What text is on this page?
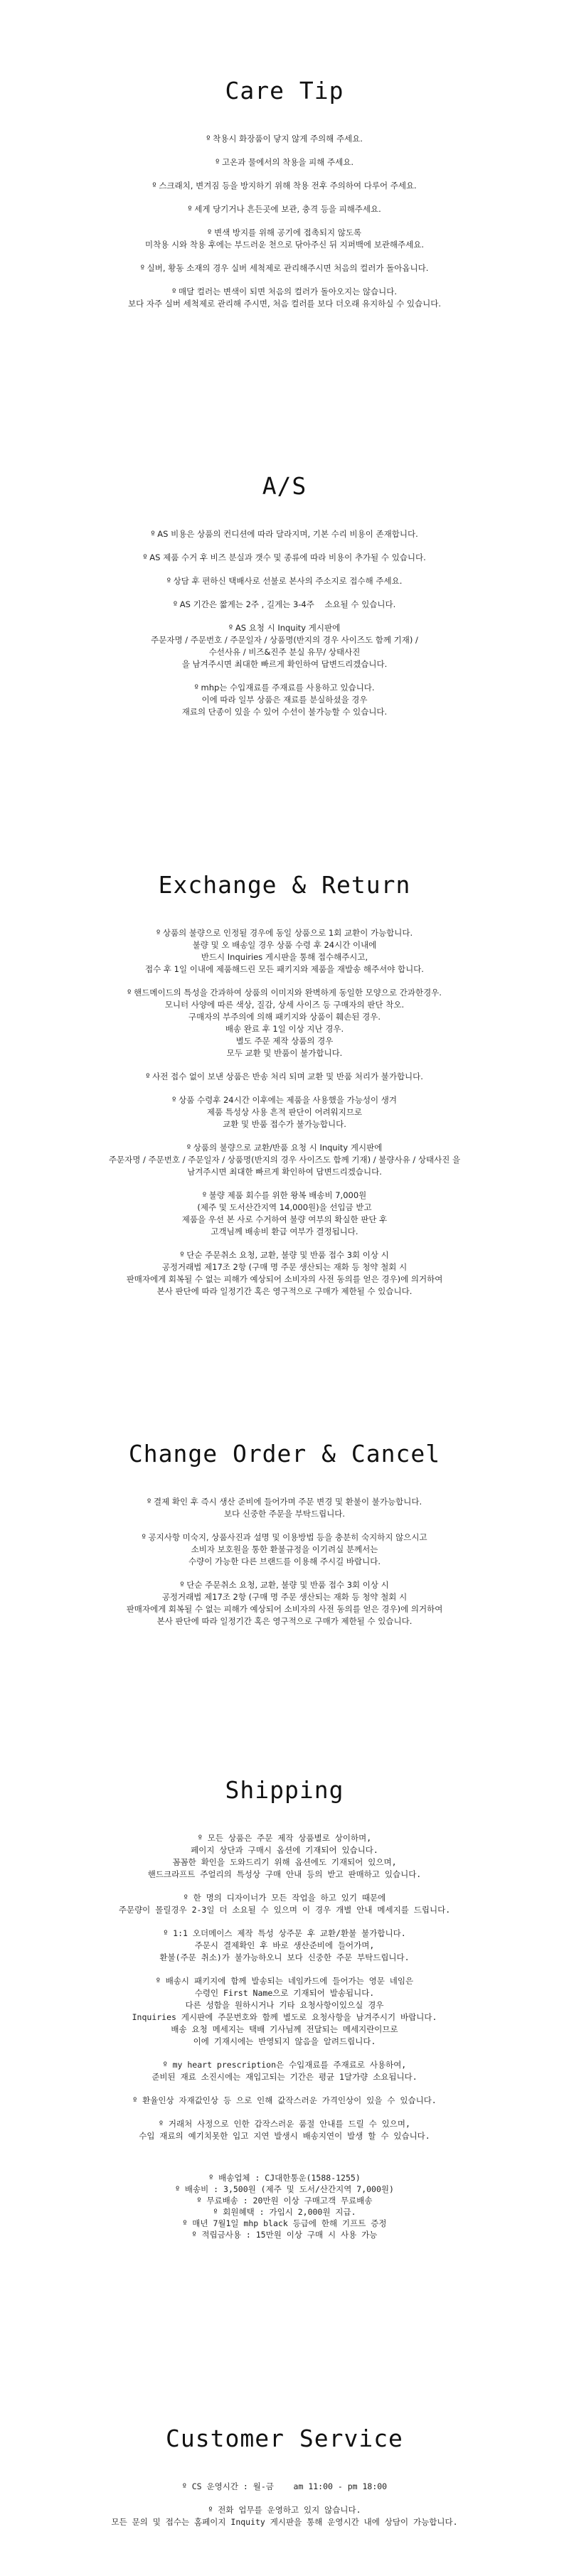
Care Tip
º 착용시 화장품이 닿지 않게 주의해 주세요.
º 고온과 물에서의 착용을 피해 주세요.
º 스크래치, 변겨짐 등을 방지하기 위해 착용 전후 주의하여 다루어 주세요.
º 세게 당기거나 흔든곳에 보관, 충격 등을 피해주세요.
º 변색 방지를 위해 공기에 접촉되지 않도록
미착용 시와 착용 후에는 부드러운 천으로 닦아주신 뒤 지퍼백에 보관해주세요.
º 실버, 황동 소재의 경우 실버 세척제로 관리해주시면 처음의 컬러가 돌아옵니다.
º 매달 컬러는 변색이 되면 처음의 컬러가 돌아오지는 않습니다.
보다 자주 실버 세척제로 관리해 주시면, 처음 컬러를 보다 더오래 유지하실 수 있습니다.
A/S
º AS 비용은 상품의 컨디션에 따라 달라지며, 기본 수리 비용이 존재합니다.
º AS 제품 수거 후 비즈 분실과 갯수 및 종류에 따라 비용이 추가될 수 있습니다.
º 상담 후 편하신 택배사로 선불로 본사의 주소지로 접수해 주세요.
º AS 기간은 짧게는 2주 , 길게는 3-4주    소요될 수 있습니다.
º AS 요청 시 Inquity 게시판에
주문자명 / 주문번호 / 주문일자 / 상품명(반지의 경우 사이즈도 함께 기재) /
수선사유 / 비즈&진주 분실 유무/ 상태사진
을 남겨주시면 최대한 빠르게 확인하여 답변드리겠습니다.
º mhp는 수입재료를 주재료를 사용하고 있습니다.
이에 따라 일부 상품은 재료를 분실하셨을 경우
재료의 단종이 있을 수 있어 수선이 불가능할 수 있습니다.
Exchange & Return
º 상품의 불량으로 인정될 경우에 동일 상품으로 1회 교환이 가능합니다.
불량 및 오 배송일 경우 상품 수령 후 24시간 이내에
반드시 Inquiries 게시판을 통해 접수해주시고,
접수 후 1일 이내에 제품해드린 모든 패키지와 제품을 재발송 해주셔야 합니다.
º 핸드메이드의 특성을 간과하여 상품의 이미지와 완벽하게 동일한 모양으로 간과한경우.
모니터 사양에 따른 색상, 질감, 상세 사이즈 등 구매자의 판단 착오.
구매자의 부주의에 의해 패키지와 상품이 훼손된 경우.
배송 완료 후 1일 이상 지난 경우.
별도 주문 제작 상품의 경우
모두 교환 및 반품이 불가합니다.
º 사전 접수 없이 보낸 상품은 반송 처리 되며 교환 및 반품 처리가 불가합니다.
º 상품 수령후 24시간 이후에는 제품을 사용했을 가능성이 생겨
제품 특성상 사용 흔적 판단이 어려워지므로
교환 및 반품 접수가 불가능합니다.
º 상품의 불량으로 교환/반품 요청 시 Inquity 게시판에
주문자명 / 주문번호 / 주문일자 / 상품명(반지의 경우 사이즈도 함께 기재) / 불량사유 / 상태사진 을
남겨주시면 최대한 빠르게 확인하여 답변드리겠습니다.
º 불량 제품 회수를 위한 왕복 배송비 7,000원
(제주 및 도서산간지역 14,000원)을 선입금 받고
제품을 우선 본 사로 수거하여 불량 여부의 확실한 판단 후
고객님께 배송비 환급 여부가 결정됩니다.
º 단순 주문취소 요청, 교환, 불량 및 반품 접수 3회 이상 시
공정거래법 제17조 2항 (구매 명 주문 생산되는 재화 등 청약 철회 시
판매자에게 회복될 수 없는 피해가 예상되어 소비자의 사전 동의를 얻은 경우)에 의거하여
본사 판단에 따라 일정기간 혹은 영구적으로 구매가 제한될 수 있습니다.
Change Order & Cancel
º 결제 확인 후 즉시 생산 준비에 들어가며 주문 변경 및 환불이 불가능합니다.
보다 신중한 주문을 부탁드립니다.
º 공지사항 미숙지, 상품사진과 설명 및 이용방법 등을 충분히 숙지하지 않으시고
소비자 보호원을 통한 환불규정을 이기려실 분께서는
수량이 가능한 다른 브랜드를 이용해 주시길 바랍니다.
º 단순 주문취소 요청, 교환, 불량 및 반품 접수 3회 이상 시
공정거래법 제17조 2항 (구매 명 주문 생산되는 재화 등 청약 철회 시
판매자에게 회복될 수 없는 피해가 예상되어 소비자의 사전 동의를 얻은 경우)에 의거하여
본사 판단에 따라 일정기간 혹은 영구적으로 구매가 제한될 수 있습니다.
Shipping
º 모든 상품은 주문 제작 상품별로 상이하며,
페이지 상단과 구매시 옵션에 기재되어 있습니다.
꼼꼼한 확인을 도와드리기 위해 옵션에도 기재되어 있으며,
핸드크라프트 주얼리의 특성상 구매 안내 등의 받고 판매하고 있습니다.
º 한 명의 디자이너가 모든 작업을 하고 있기 때문에
주문량이 몰릴경우 2-3일 더 소요될 수 있으며 이 경우 개별 안내 메세지를 드립니다.
º 1:1 오더메이스 제작 특성 상주문 후 교환/환불 불가합니다.
주문시 결제확인 후 바로 생산준비에 들어가며,
환불(주문 취소)가 불가능하오니 보다 신중한 주문 부탁드립니다.
º 배송시 패키지에 함께 발송되는 네임카드에 들어가는 영문 네임은
수령인 First Name으로 기재되어 발송됩니다.
다른 성함을 원하시거나 기타 요청사항이있으실 경우
Inquiries 게시판에 주문번호와 함께 별도로 요청사항을 남겨주시기 바랍니다.
배송 요청 메세지는 택배 기사님께 전달되는 메세지란이므로
이에 기재시에는 반영되지 않음을 알려드립니다.
º my heart prescription은 수입재료를 주재료로 사용하여,
준비된 재료 소진시에는 재입고되는 기간은 평균 1달가량 소요됩니다.
º 환율인상 자재값인상 등 으로 인해 값작스러운 가격인상이 있을 수 있습니다.
º 거래처 사정으로 인한 갑작스러운 품절 안내를 드릴 수 있으며,
수입 재료의 예기치못한 입고 지연 발생시 배송지연이 발생 할 수 있습니다.
º 배송업체 : CJ대한통운(1588-1255)
º 배송비 : 3,500원 (제주 및 도서/산간지역 7,000원)
º 무료배송 : 20만원 이상 구매고객 무료배송
º 회원혜택 : 가입시 2,000원 지급.
º 매년 7월1일 mhp black 등급에 한해 기프트 증정
º 적립금사용 : 15만원 이상 구매 시 사용 가능
Customer Service
º CS 운영시간 : 월-금    am 11:00 - pm 18:00
º 전화 업무를 운영하고 있지 않습니다.
모든 문의 및 접수는 홈페이지 Inquity 게시판을 통해 운영시간 내에 상담이 가능합니다.
